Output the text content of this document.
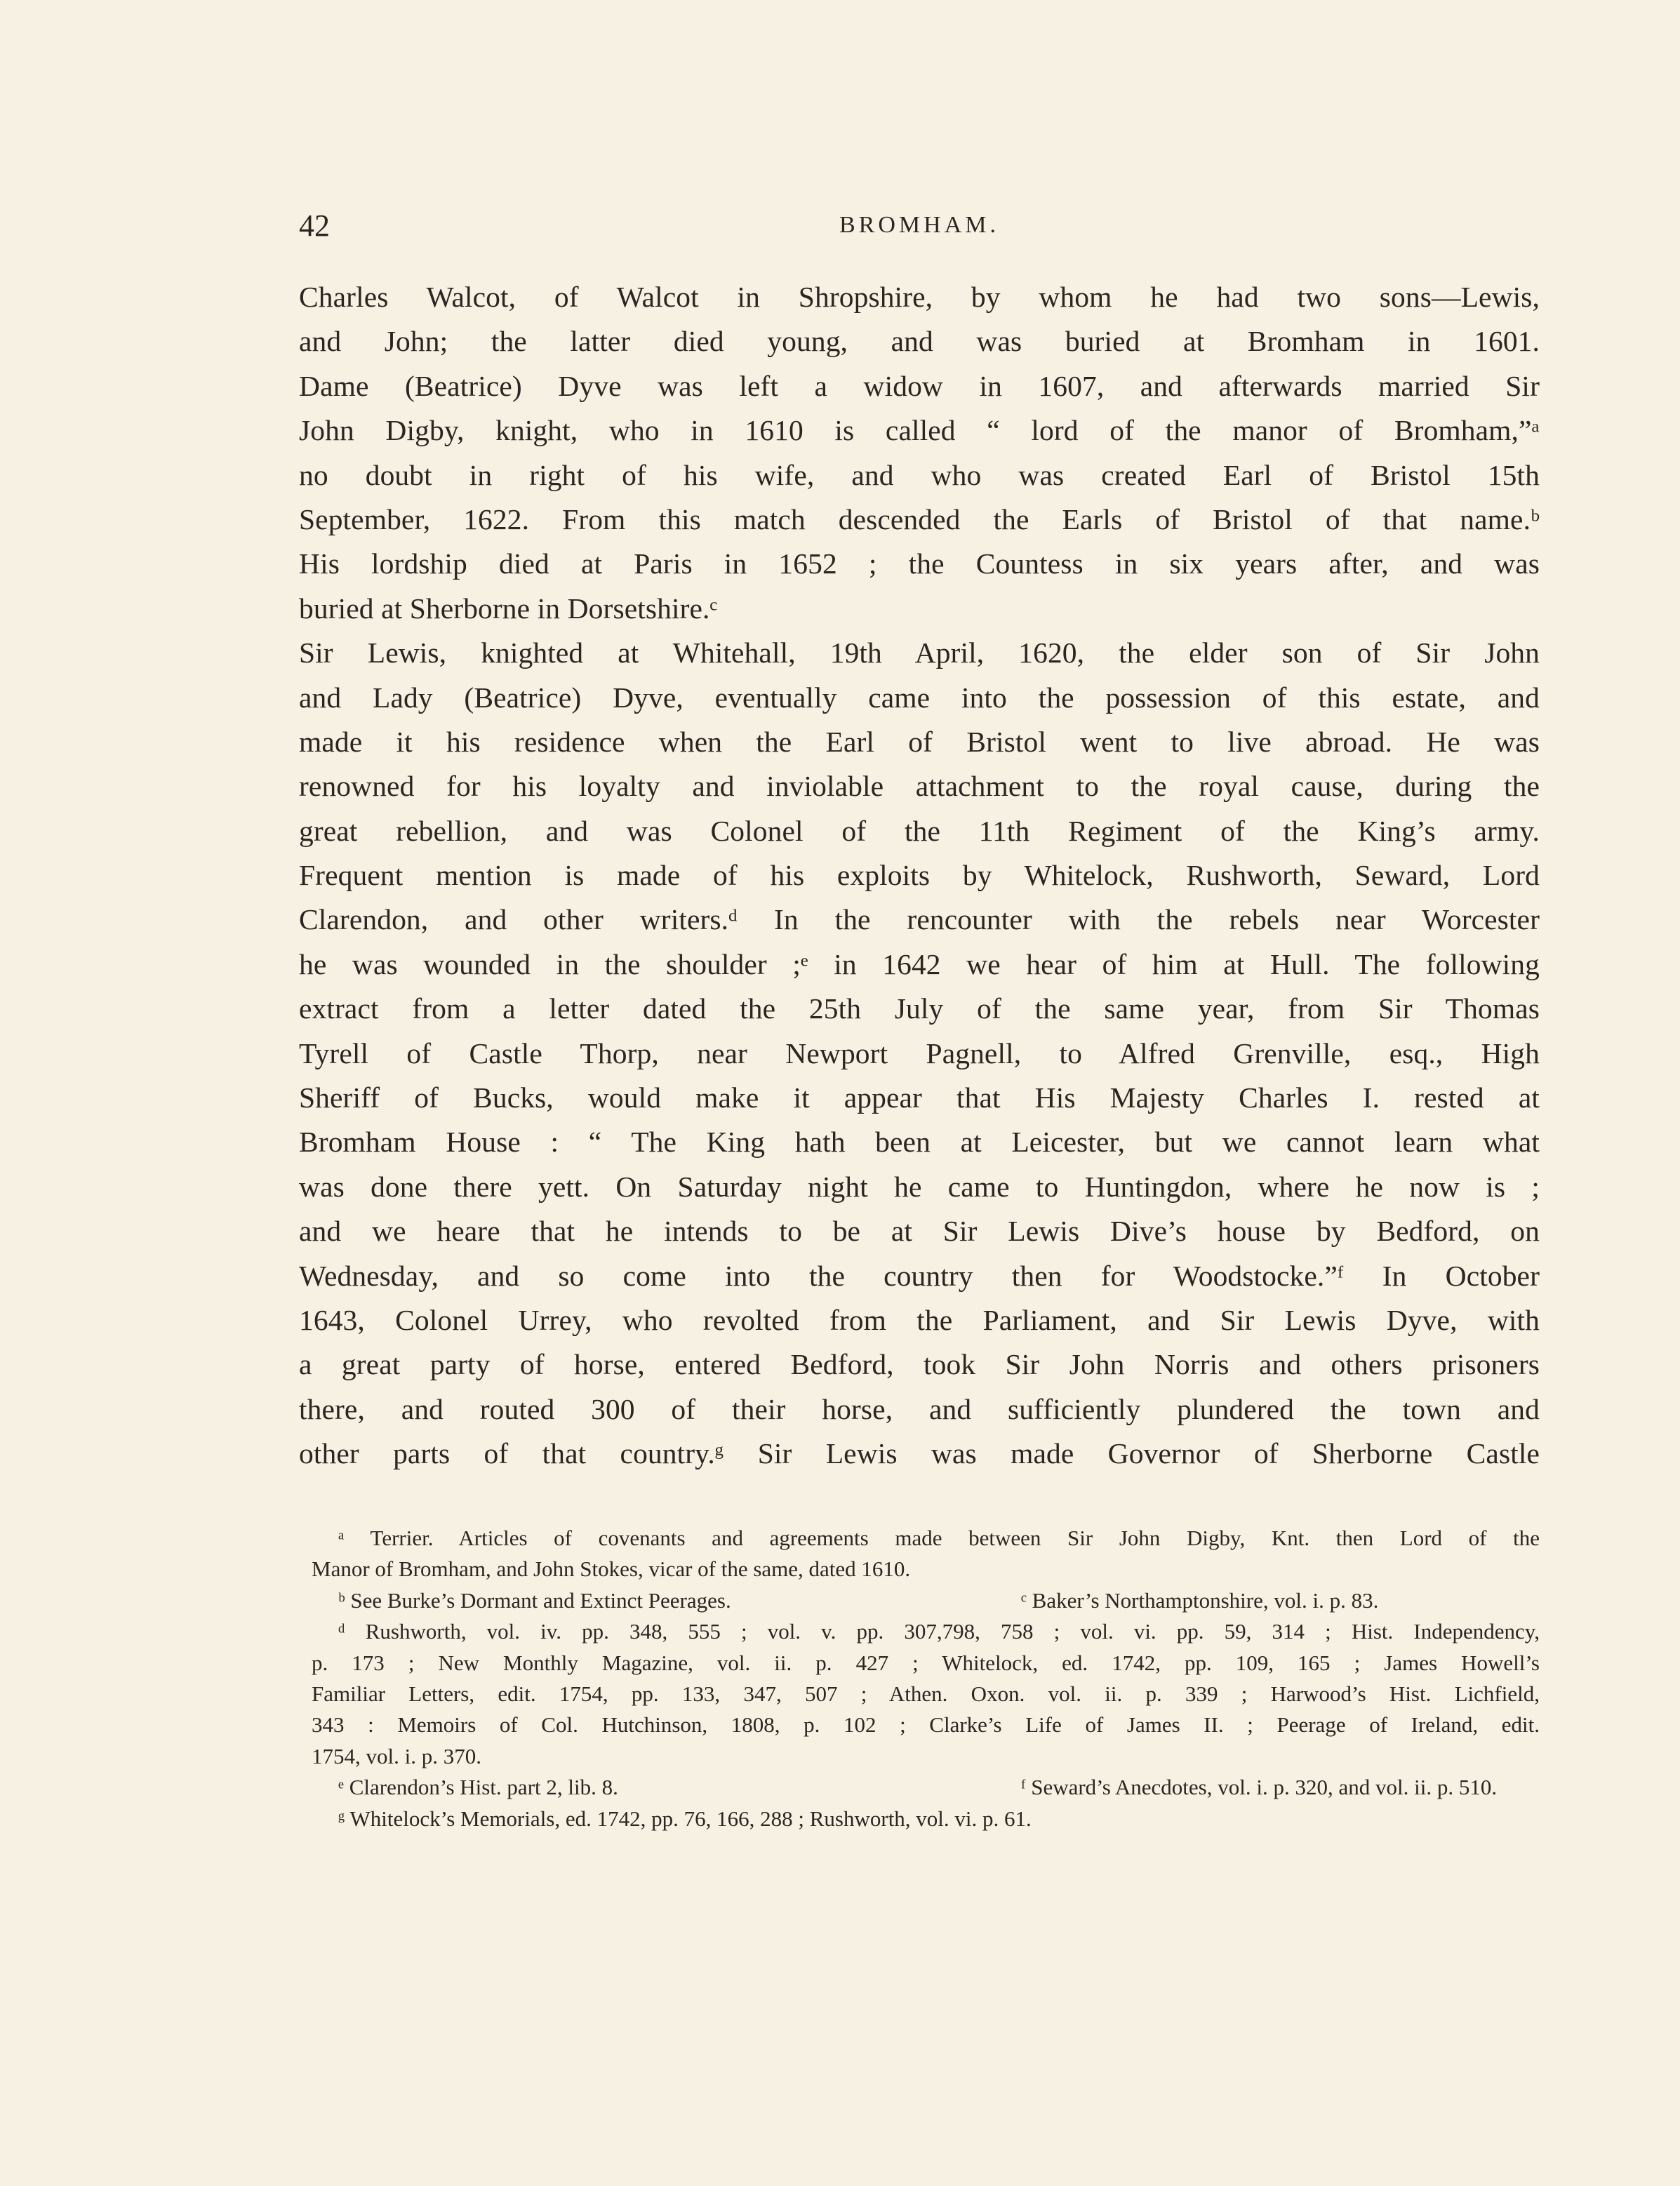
42	BROMHAM.
Charles Walcot, of Walcot in Shropshire, by whom he had two sons—Lewis,
and John; the latter died young, and was buried at Bromham in 1601.
Dame (Beatrice) Dyve was left a widow in 1607, and afterwards married Sir
John Digby, knight, who in 1610 is called “ lord of the manor of Bromham,”ᵃ
no doubt in right of his wife, and who was created Earl of Bristol 15th
September, 1622. From this match descended the Earls of Bristol of that name.ᵇ
His lordship died at Paris in 1652 ; the Countess in six years after, and was
buried at Sherborne in Dorsetshire.ᶜ
Sir Lewis, knighted at Whitehall, 19th April, 1620, the elder son of Sir John
and Lady (Beatrice) Dyve, eventually came into the possession of this estate, and
made it his residence when the Earl of Bristol went to live abroad. He was
renowned for his loyalty and inviolable attachment to the royal cause, during the
great rebellion, and was Colonel of the 11th Regiment of the King’s army.
Frequent mention is made of his exploits by Whitelock, Rushworth, Seward, Lord
Clarendon, and other writers.ᵈ In the rencounter with the rebels near Worcester
he was wounded in the shoulder ;ᵉ in 1642 we hear of him at Hull. The following
extract from a letter dated the 25th July of the same year, from Sir Thomas
Tyrell of Castle Thorp, near Newport Pagnell, to Alfred Grenville, esq., High
Sheriff of Bucks, would make it appear that His Majesty Charles I. rested at
Bromham House : “ The King hath been at Leicester, but we cannot learn what
was done there yett. On Saturday night he came to Huntingdon, where he now is ;
and we heare that he intends to be at Sir Lewis Dive’s house by Bedford, on
Wednesday, and so come into the country then for Woodstocke.”ᶠ In October
1643, Colonel Urrey, who revolted from the Parliament, and Sir Lewis Dyve, with
a great party of horse, entered Bedford, took Sir John Norris and others prisoners
there, and routed 300 of their horse, and sufficiently plundered the town and
other parts of that country.ᵍ Sir Lewis was made Governor of Sherborne Castle
ᵃ Terrier. Articles of covenants and agreements made between Sir John Digby, Knt. then Lord of the
Manor of Bromham, and John Stokes, vicar of the same, dated 1610.
ᵇ See Burke’s Dormant and Extinct Peerages.	ᶜ Baker’s Northamptonshire, vol. i. p. 83.
ᵈ Rushworth, vol. iv. pp. 348, 555 ; vol. v. pp. 307,798, 758 ; vol. vi. pp. 59, 314 ; Hist. Independency,
p. 173 ; New Monthly Magazine, vol. ii. p. 427 ; Whitelock, ed. 1742, pp. 109, 165 ; James Howell’s
Familiar Letters, edit. 1754, pp. 133, 347, 507 ; Athen. Oxon. vol. ii. p. 339 ; Harwood’s Hist. Lichfield,
343 : Memoirs of Col. Hutchinson, 1808, p. 102 ; Clarke’s Life of James II. ; Peerage of Ireland, edit.
1754, vol. i. p. 370.
ᵉ Clarendon’s Hist. part 2, lib. 8.	ᶠ Seward’s Anecdotes, vol. i. p. 320, and vol. ii. p. 510.
ᵍ Whitelock’s Memorials, ed. 1742, pp. 76, 166, 288 ; Rushworth, vol. vi. p. 61.
